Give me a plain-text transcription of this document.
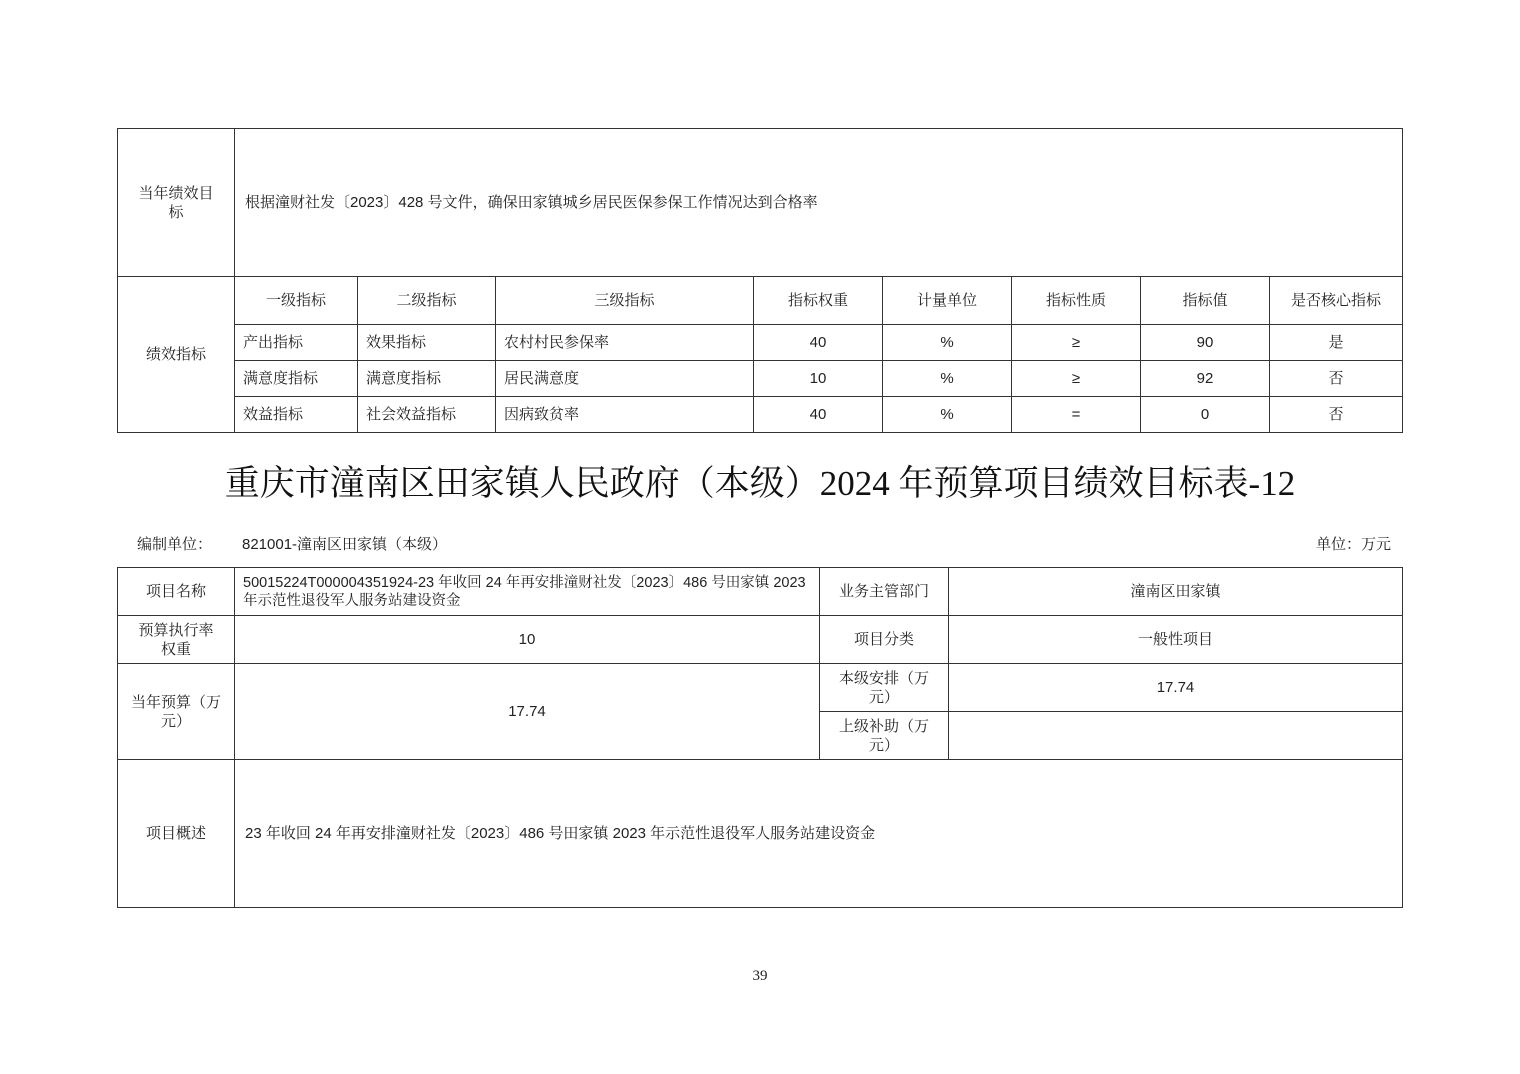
当年绩效目标	根据潼财社发〔2023〕428 号文件，确保田家镇城乡居民医保参保工作情况达到合格率							
绩效指标	一级指标	二级指标	三级指标	指标权重	计量单位	指标性质	指标值	是否核心指标
	产出指标	效果指标	农村村民参保率	40	%	≥	90	是
	满意度指标	满意度指标	居民满意度	10	%	≥	92	否
	效益指标	社会效益指标	因病致贫率	40	%	=	0	否
重庆市潼南区田家镇人民政府（本级）2024 年预算项目绩效目标表-12
编制单位： 821001-潼南区田家镇（本级）	单位：万元
项目名称	50015224T000004351924-23 年收回 24 年再安排潼财社发〔2023〕486 号田家镇 2023 年示范性退役军人服务站建设资金	业务主管部门	潼南区田家镇
预算执行率权重	10	项目分类	一般性项目
当年预算（万元）	17.74	本级安排（万元）	17.74
		上级补助（万元）	
项目概述	23 年收回 24 年再安排潼财社发〔2023〕486 号田家镇 2023 年示范性退役军人服务站建设资金		
39
